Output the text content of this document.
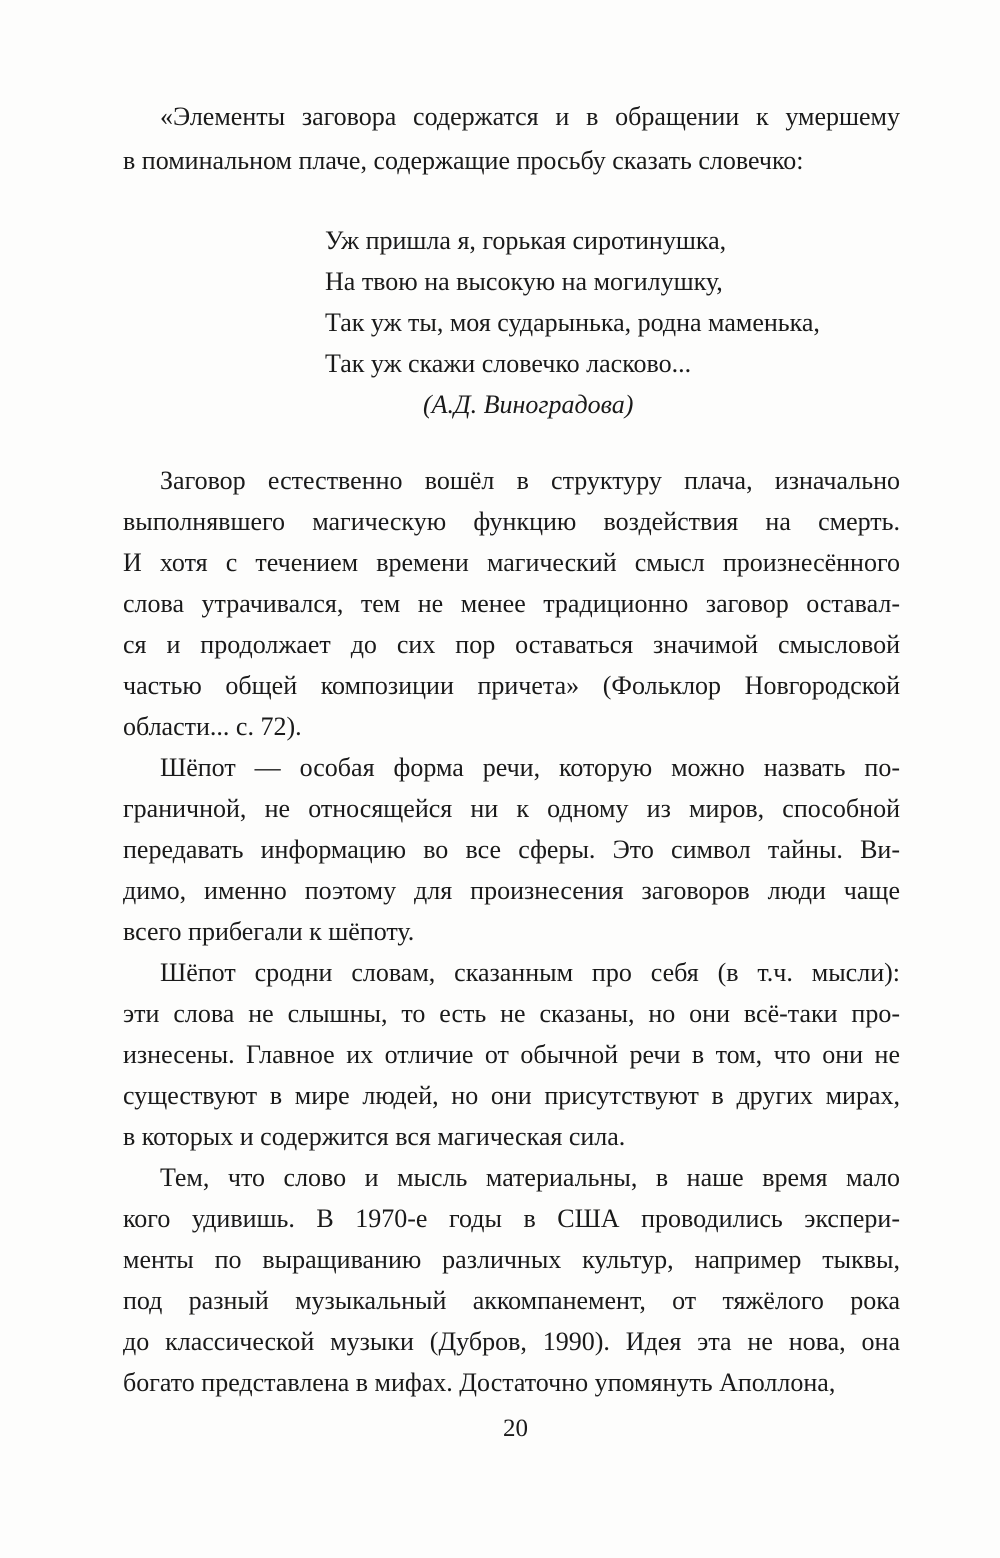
«Элементы заговора содержатся и в обращении к умершему
в поминальном плаче, содержащие просьбу сказать словечко:
Уж пришла я, горькая сиротинушка,
На твою на высокую на могилушку,
Так уж ты, моя сударынька, родна маменька,
Так уж скажи словечко ласково...
(А.Д. Виноградова)
Заговор естественно вошёл в структуру плача, изначально
выполнявшего магическую функцию воздействия на смерть.
И хотя с течением времени магический смысл произнесённого
слова утрачивался, тем не менее традиционно заговор оставал-
ся и продолжает до сих пор оставаться значимой смысловой
частью общей композиции причета» (Фольклор Новгородской
области... с. 72).
Шёпот — особая форма речи, которую можно назвать по-
граничной, не относящейся ни к одному из миров, способной
передавать информацию во все сферы. Это символ тайны. Ви-
димо, именно поэтому для произнесения заговоров люди чаще
всего прибегали к шёпоту.
Шёпот сродни словам, сказанным про себя (в т.ч. мысли):
эти слова не слышны, то есть не сказаны, но они всё-таки про-
изнесены. Главное их отличие от обычной речи в том, что они не
существуют в мире людей, но они присутствуют в других мирах,
в которых и содержится вся магическая сила.
Тем, что слово и мысль материальны, в наше время мало
кого удивишь. В 1970-е годы в США проводились экспери-
менты по выращиванию различных культур, например тыквы,
под разный музыкальный аккомпанемент, от тяжёлого рока
до классической музыки (Дубров, 1990). Идея эта не нова, она
богато представлена в мифах. Достаточно упомянуть Аполлона,
20
